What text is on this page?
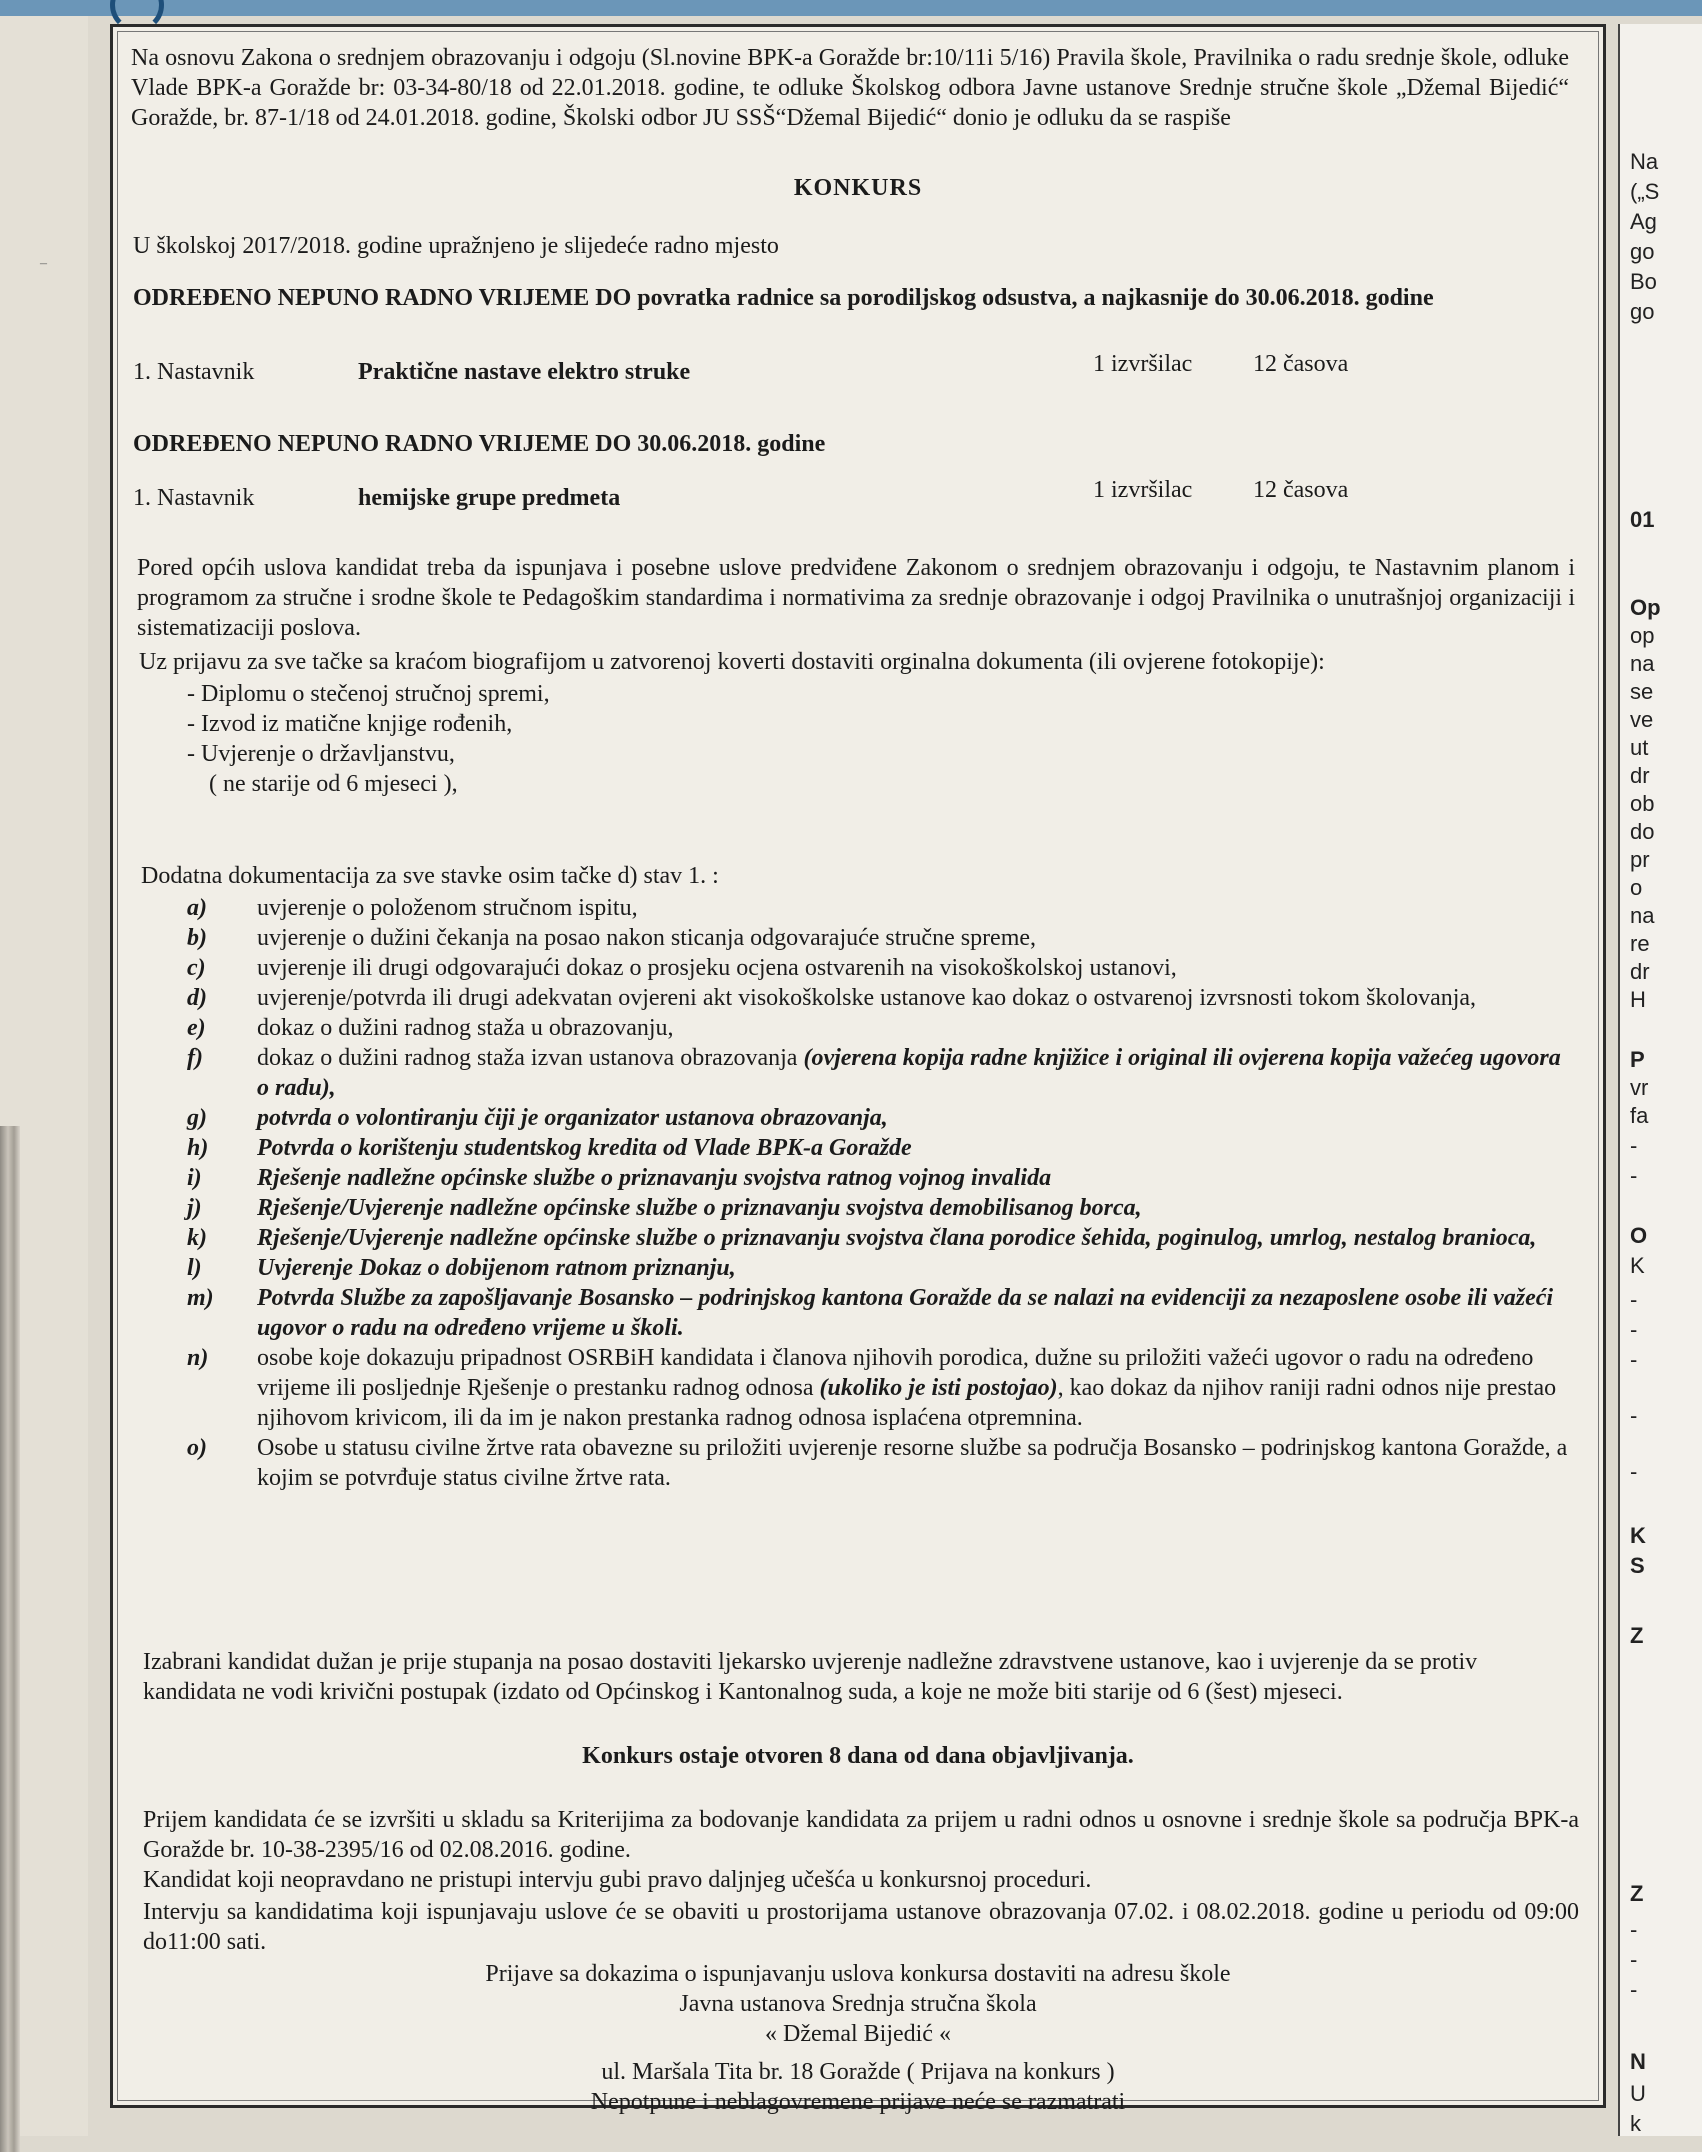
–
Na osnovu Zakona o srednjem obrazovanju i odgoju (Sl.novine BPK-a Goražde br:10/11i 5/16) Pravila škole, Pravilnika o radu srednje škole, odluke Vlade BPK-a Goražde br: 03-34-80/18 od 22.01.2018. godine, te odluke Školskog odbora Javne ustanove Srednje stručne škole „Džemal Bijedić“ Goražde, br. 87-1/18 od 24.01.2018. godine, Školski odbor JU SSŠ“Džemal Bijedić“ donio je odluku da se raspiše
KONKURS
U školskoj 2017/2018. godine upražnjeno je slijedeće radno mjesto
ODREĐENO NEPUNO RADNO VRIJEME DO povratka radnice sa porodiljskog odsustva, a najkasnije do 30.06.2018. godine
1. Nastavnik	Praktične nastave elektro struke	1 izvršilac	12 časova
ODREĐENO NEPUNO RADNO VRIJEME DO 30.06.2018. godine
1. Nastavnik	hemijske grupe predmeta	1 izvršilac	12 časova
Pored općih uslova kandidat treba da ispunjava i posebne uslove predviđene Zakonom o srednjem obrazovanju i odgoju, te Nastavnim planom i programom za stručne i srodne škole te Pedagoškim standardima i normativima za srednje obrazovanje i odgoj Pravilnika o unutrašnjoj organizaciji i sistematizaciji poslova.
Uz prijavu za sve tačke sa kraćom biografijom u zatvorenoj koverti dostaviti orginalna dokumenta (ili ovjerene fotokopije):
- Diplomu o stečenoj stručnoj spremi,
- Izvod iz matične knjige rođenih,
- Uvjerenje o državljanstvu,
( ne starije od 6 mjeseci ),
Dodatna dokumentacija za sve stavke osim tačke d) stav 1. :
a) uvjerenje o položenom stručnom ispitu,
b) uvjerenje o dužini čekanja na posao nakon sticanja odgovarajuće stručne spreme,
c) uvjerenje ili drugi odgovarajući dokaz o prosjeku ocjena ostvarenih na visokoškolskoj ustanovi,
d) uvjerenje/potvrda ili drugi adekvatan ovjereni akt visokoškolske ustanove kao dokaz o ostvarenoj izvrsnosti tokom školovanja,
e) dokaz o dužini radnog staža u obrazovanju,
f) dokaz o dužini radnog staža izvan ustanova obrazovanja (ovjerena kopija radne knjižice i original ili ovjerena kopija važećeg ugovora o radu),
g) potvrda o volontiranju čiji je organizator ustanova obrazovanja,
h) Potvrda o korištenju studentskog kredita od Vlade BPK-a Goražde
i) Rješenje nadležne općinske službe o priznavanju svojstva ratnog vojnog invalida
j) Rješenje/Uvjerenje nadležne općinske službe o priznavanju svojstva demobilisanog borca,
k) Rješenje/Uvjerenje nadležne općinske službe o priznavanju svojstva člana porodice šehida, poginulog, umrlog, nestalog branioca,
l) Uvjerenje Dokaz o dobijenom ratnom priznanju,
m) Potvrda Službe za zapošljavanje Bosansko – podrinjskog kantona Goražde da se nalazi na evidenciji za nezaposlene osobe ili važeći ugovor o radu na određeno vrijeme u školi.
n) osobe koje dokazuju pripadnost OSRBiH kandidata i članova njihovih porodica, dužne su priložiti važeći ugovor o radu na određeno vrijeme ili posljednje Rješenje o prestanku radnog odnosa (ukoliko je isti postojao), kao dokaz da njihov raniji radni odnos nije prestao njihovom krivicom, ili da im je nakon prestanka radnog odnosa isplaćena otpremnina.
o) Osobe u statusu civilne žrtve rata obavezne su priložiti uvjerenje resorne službe sa područja Bosansko – podrinjskog kantona Goražde, a kojim se potvrđuje status civilne žrtve rata.
Izabrani kandidat dužan je prije stupanja na posao dostaviti ljekarsko uvjerenje nadležne zdravstvene ustanove, kao i uvjerenje da se protiv kandidata ne vodi krivični postupak (izdato od Općinskog i Kantonalnog suda, a koje ne može biti starije od 6 (šest) mjeseci.
Konkurs ostaje otvoren 8 dana od dana objavljivanja.
Prijem kandidata će se izvršiti u skladu sa Kriterijima za bodovanje kandidata za prijem u radni odnos u osnovne i srednje škole sa područja BPK-a Goražde br. 10-38-2395/16 od 02.08.2016. godine.
Kandidat koji neopravdano ne pristupi intervju gubi pravo daljnjeg učešća u konkursnoj proceduri.
Intervju sa kandidatima koji ispunjavaju uslove će se obaviti u prostorijama ustanove obrazovanja 07.02. i 08.02.2018. godine u periodu od 09:00 do11:00 sati.
Prijave sa dokazima o ispunjavanju uslova konkursa dostaviti na adresu škole
Javna ustanova Srednja stručna škola
« Džemal Bijedić «
ul. Maršala Tita br. 18 Goražde ( Prijava na konkurs )
Nepotpune i neblagovremene prijave neće se razmatrati
Na
(„S
Ag
go
Bo
go
01
Op
op
na
se
ve
ut
dr
ob
do
pr
o
na
re
dr
H
P
vr
fa
-
-
O
K
-
-
-
-
-
K
S
Z
Z
-
-
-
N
U
k
